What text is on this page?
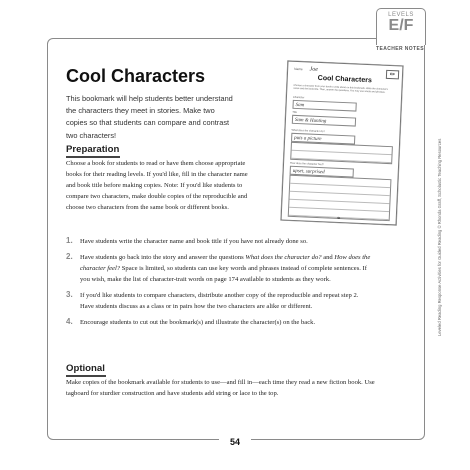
LEVELS
E/F
TEACHER NOTES
Cool Characters
This bookmark will help students better understand the characters they meet in stories. Make two copies so that students can compare and contrast two characters!
Name Joe
E/F
Cool Characters
Choose a character from your book to write about on this bookmark. Write the character's name and the book title. Then, answer the questions. You may use words and phrases.
Character
Sam
Title
Sam & Hunting
What does the character do?
puts a picture
How does the character feel?
upset, surprised
SI
Preparation
Choose a book for students to read or have them choose appropriate books for their reading levels. If you'd like, fill in the character name and book title before making copies. Note: If you'd like students to compare two characters, make double copies of the reproducible and choose two characters from the same book or different books.
1. Have students write the character name and book title if you have not already done so.
2. Have students go back into the story and answer the questions What does the character do? and How does the character feel? Space is limited, so students can use key words and phrases instead of complete sentences. If you wish, make the list of character-trait words on page 174 available to students as they work.
3. If you'd like students to compare characters, distribute another copy of the reproducible and repeat step 2. Have students discuss as a class or in pairs how the two characters are alike or different.
4. Encourage students to cut out the bookmark(s) and illustrate the character(s) on the back.
Optional
Make copies of the bookmark available for students to use—and fill in—each time they read a new fiction book. Use tagboard for sturdier construction and have students add string or lace to the top.
54
Leveled Reading Response Activities for Guided Reading © Rhonda Graff, Scholastic Teaching Resources
